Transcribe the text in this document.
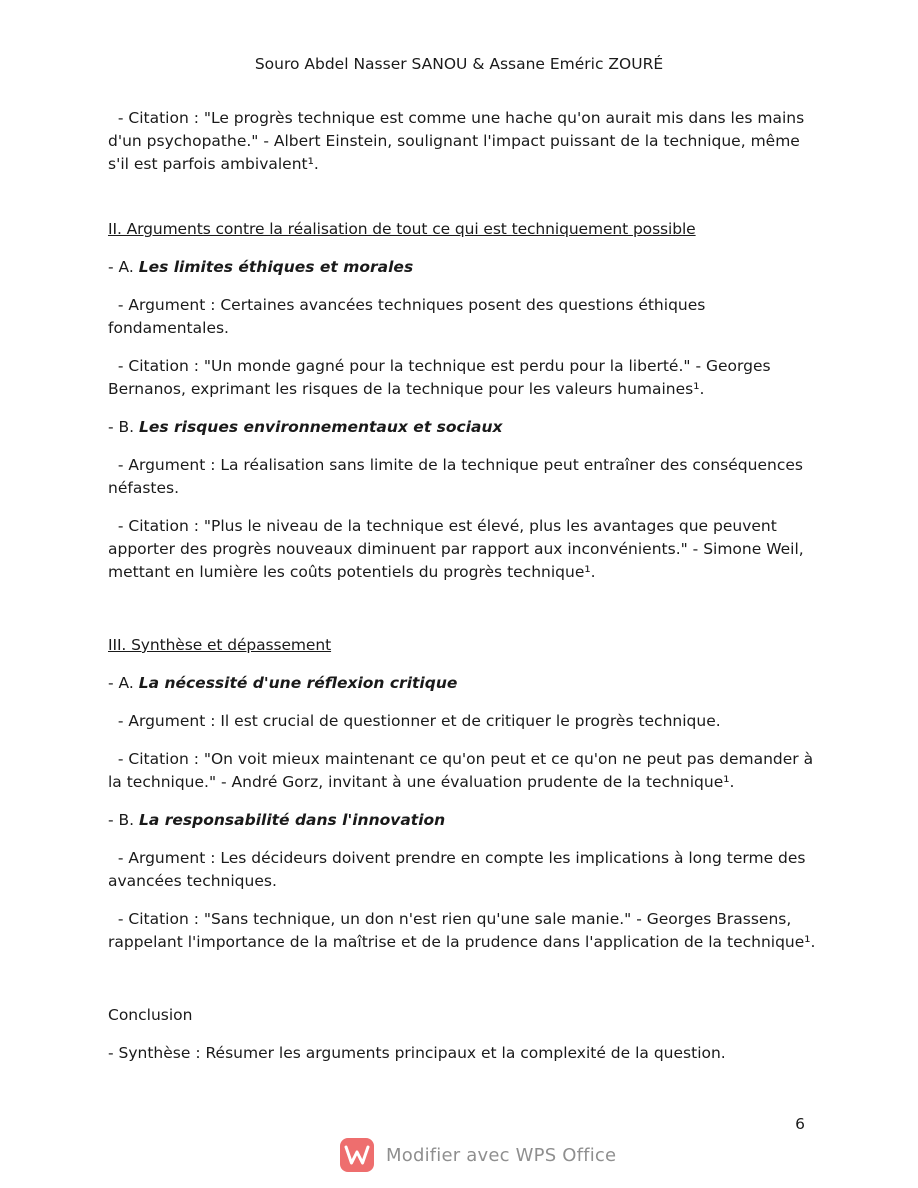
Souro Abdel Nasser SANOU & Assane Eméric ZOURÉ

- Citation : "Le progrès technique est comme une hache qu'on aurait mis dans les mains d'un psychopathe." - Albert Einstein, soulignant l'impact puissant de la technique, même s'il est parfois ambivalent¹.

II. Arguments contre la réalisation de tout ce qui est techniquement possible

- A. Les limites éthiques et morales

- Argument : Certaines avancées techniques posent des questions éthiques fondamentales.

- Citation : "Un monde gagné pour la technique est perdu pour la liberté." - Georges Bernanos, exprimant les risques de la technique pour les valeurs humaines¹.

- B. Les risques environnementaux et sociaux

- Argument : La réalisation sans limite de la technique peut entraîner des conséquences néfastes.

- Citation : "Plus le niveau de la technique est élevé, plus les avantages que peuvent apporter des progrès nouveaux diminuent par rapport aux inconvénients." - Simone Weil, mettant en lumière les coûts potentiels du progrès technique¹.

III. Synthèse et dépassement

- A. La nécessité d'une réflexion critique

- Argument : Il est crucial de questionner et de critiquer le progrès technique.

- Citation : "On voit mieux maintenant ce qu'on peut et ce qu'on ne peut pas demander à la technique." - André Gorz, invitant à une évaluation prudente de la technique¹.

- B. La responsabilité dans l'innovation

- Argument : Les décideurs doivent prendre en compte les implications à long terme des avancées techniques.

- Citation : "Sans technique, un don n'est rien qu'une sale manie." - Georges Brassens, rappelant l'importance de la maîtrise et de la prudence dans l'application de la technique¹.

Conclusion

- Synthèse : Résumer les arguments principaux et la complexité de la question.

6
Modifier avec WPS Office
